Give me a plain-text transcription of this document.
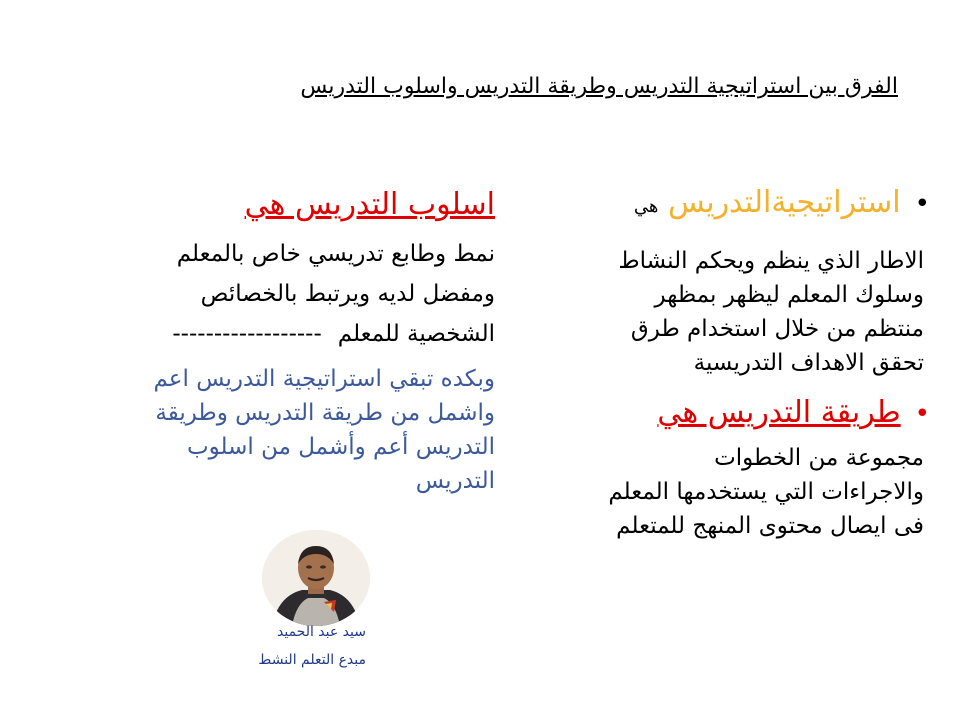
الفرق بين استراتيجية التدريس وطريقة التدريس واسلوب التدريس
•استراتيجيةالتدريس هي
الاطار الذي ينظم ويحكم النشاط
وسلوك المعلم ليظهر بمظهر
منتظم من خلال استخدام طرق
تحقق الاهداف التدريسية
•طريقة التدريس هي
مجموعة من الخطوات
والاجراءات التي يستخدمها المعلم
فى ايصال محتوى المنهج للمتعلم
اسلوب التدريس هي
نمط وطابع تدريسي خاص بالمعلم
ومفضل لديه ويرتبط بالخصائص
الشخصية للمعلم------------------
وبكده تبقي استراتيجية التدريس اعم
واشمل من طريقة التدريس وطريقة
التدريس أعم وأشمل من اسلوب
التدريس
سيد عبد الحميد
مبدع التعلم النشط
